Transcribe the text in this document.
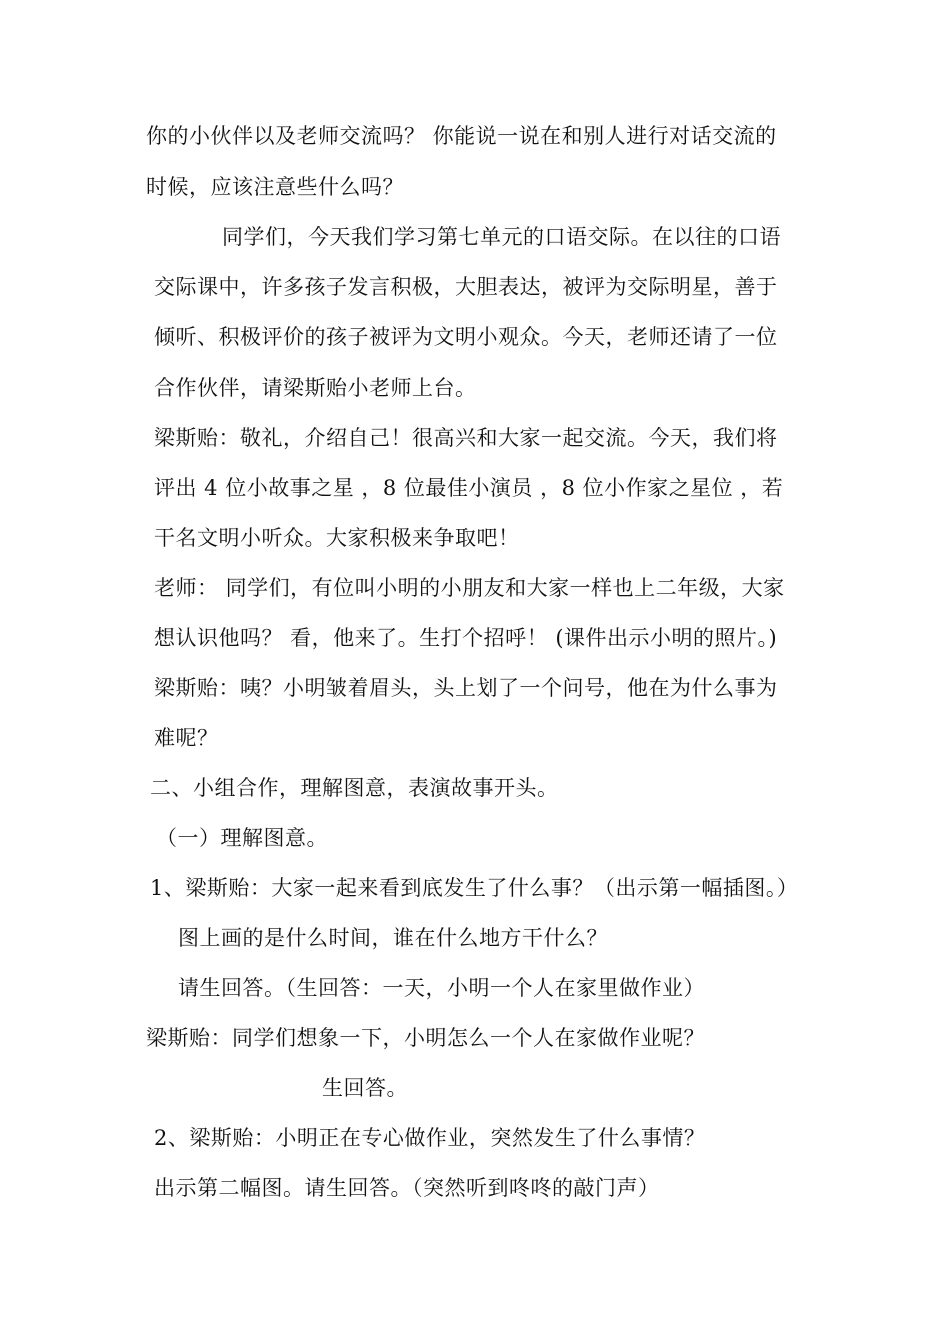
你的小伙伴以及老师交流吗？ 你能说一说在和别人进行对话交流的
时候，应该注意些什么吗？
同学们，今天我们学习第七单元的口语交际。在以往的口语
交际课中，许多孩子发言积极，大胆表达，被评为交际明星，善于
倾听、积极评价的孩子被评为文明小观众。今天，老师还请了一位
合作伙伴，请梁斯贻小老师上台。
梁斯贻：敬礼，介绍自己！很高兴和大家一起交流。今天，我们将
评出 4 位小故事之星 ，8 位最佳小演员 ，8 位小作家之星位 ，若
干名文明小听众。大家积极来争取吧！
老师： 同学们，有位叫小明的小朋友和大家一样也上二年级，大家
想认识他吗？ 看，他来了。生打个招呼！ (课件出示小明的照片。)
梁斯贻：咦？小明皱着眉头，头上划了一个问号，他在为什么事为
难呢？
二、小组合作，理解图意，表演故事开头。
（一）理解图意。
1、梁斯贻：大家一起来看到底发生了什么事？（出示第一幅插图。）
图上画的是什么时间，谁在什么地方干什么？
请生回答。（生回答：一天，小明一个人在家里做作业）
梁斯贻：同学们想象一下，小明怎么一个人在家做作业呢？
生回答。
2、梁斯贻：小明正在专心做作业，突然发生了什么事情？
出示第二幅图。请生回答。（突然听到咚咚的敲门声）
